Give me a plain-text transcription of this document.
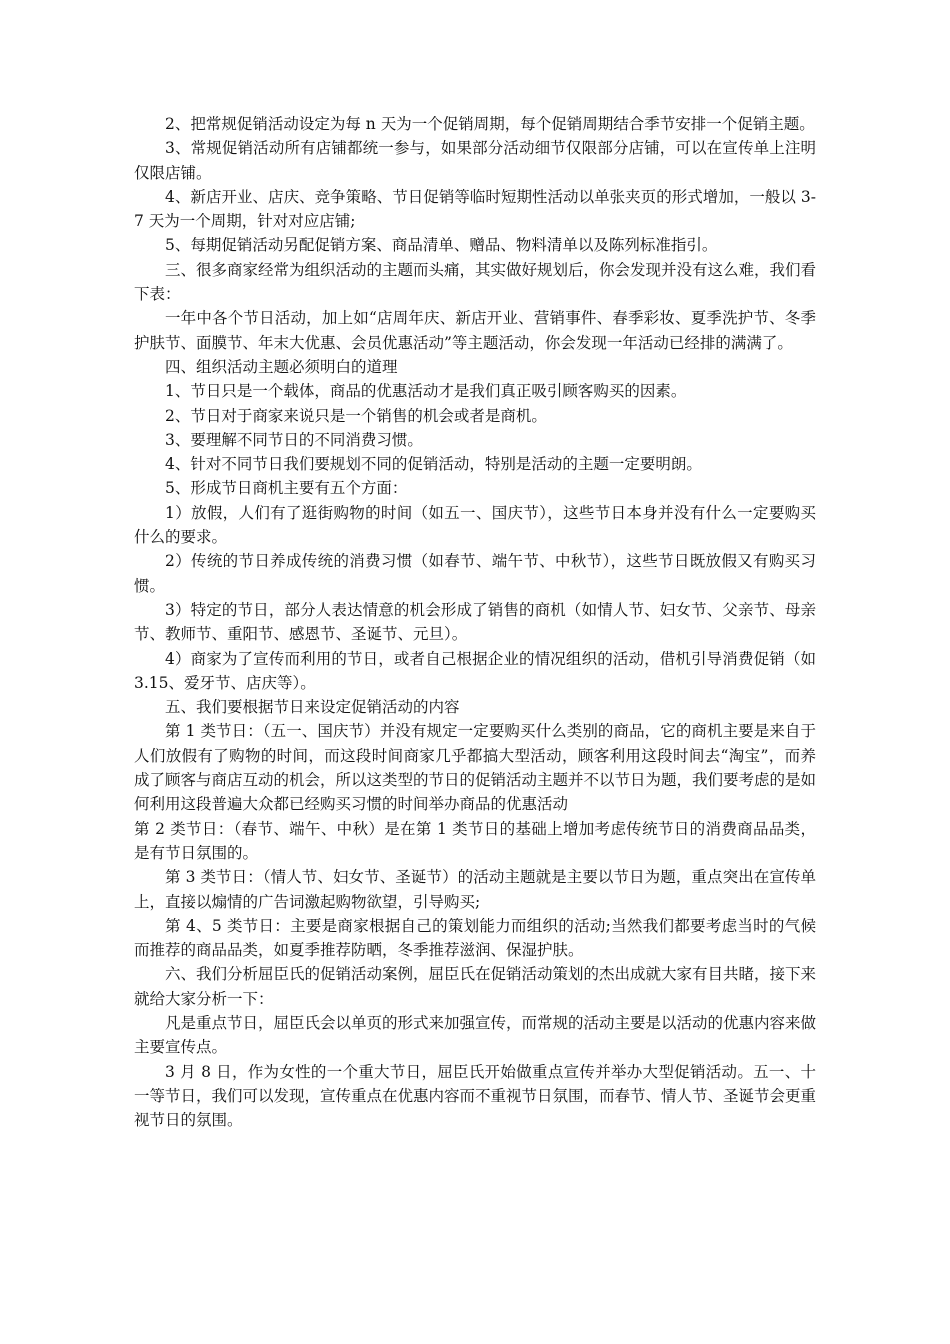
2、把常规促销活动设定为每 n 天为一个促销周期，每个促销周期结合季节安排一个促销主题。

3、常规促销活动所有店铺都统一参与，如果部分活动细节仅限部分店铺，可以在宣传单上注明仅限店铺。

4、新店开业、店庆、竞争策略、节日促销等临时短期性活动以单张夹页的形式增加，一般以 3-7 天为一个周期，针对对应店铺;

5、每期促销活动另配促销方案、商品清单、赠品、物料清单以及陈列标准指引。

三、很多商家经常为组织活动的主题而头痛，其实做好规划后，你会发现并没有这么难，我们看下表：

一年中各个节日活动，加上如“店周年庆、新店开业、营销事件、春季彩妆、夏季洗护节、冬季护肤节、面膜节、年末大优惠、会员优惠活动”等主题活动，你会发现一年活动已经排的满满了。

四、组织活动主题必须明白的道理

1、节日只是一个载体，商品的优惠活动才是我们真正吸引顾客购买的因素。

2、节日对于商家来说只是一个销售的机会或者是商机。

3、要理解不同节日的不同消费习惯。

4、针对不同节日我们要规划不同的促销活动，特别是活动的主题一定要明朗。

5、形成节日商机主要有五个方面：

1）放假，人们有了逛街购物的时间（如五一、国庆节），这些节日本身并没有什么一定要购买什么的要求。

2）传统的节日养成传统的消费习惯（如春节、端午节、中秋节），这些节日既放假又有购买习惯。

3）特定的节日，部分人表达情意的机会形成了销售的商机（如情人节、妇女节、父亲节、母亲节、教师节、重阳节、感恩节、圣诞节、元旦）。

4）商家为了宣传而利用的节日，或者自己根据企业的情况组织的活动，借机引导消费促销（如3.15、爱牙节、店庆等）。

五、我们要根据节日来设定促销活动的内容

第 1 类节日：（五一、国庆节）并没有规定一定要购买什么类别的商品，它的商机主要是来自于人们放假有了购物的时间，而这段时间商家几乎都搞大型活动，顾客利用这段时间去“淘宝”，而养成了顾客与商店互动的机会，所以这类型的节日的促销活动主题并不以节日为题，我们要考虑的是如何利用这段普遍大众都已经购买习惯的时间举办商品的优惠活动

第 2 类节日：（春节、端午、中秋）是在第 1 类节日的基础上增加考虑传统节日的消费商品品类，是有节日氛围的。

第 3 类节日：（情人节、妇女节、圣诞节）的活动主题就是主要以节日为题，重点突出在宣传单上，直接以煽情的广告词激起购物欲望，引导购买;

第 4、5 类节日：主要是商家根据自己的策划能力而组织的活动;当然我们都要考虑当时的气候而推荐的商品品类，如夏季推荐防晒，冬季推荐滋润、保湿护肤。

六、我们分析屈臣氏的促销活动案例，屈臣氏在促销活动策划的杰出成就大家有目共睹，接下来就给大家分析一下：

凡是重点节日，屈臣氏会以单页的形式来加强宣传，而常规的活动主要是以活动的优惠内容来做主要宣传点。

3 月 8 日，作为女性的一个重大节日，屈臣氏开始做重点宣传并举办大型促销活动。五一、十一等节日，我们可以发现，宣传重点在优惠内容而不重视节日氛围，而春节、情人节、圣诞节会更重视节日的氛围。
